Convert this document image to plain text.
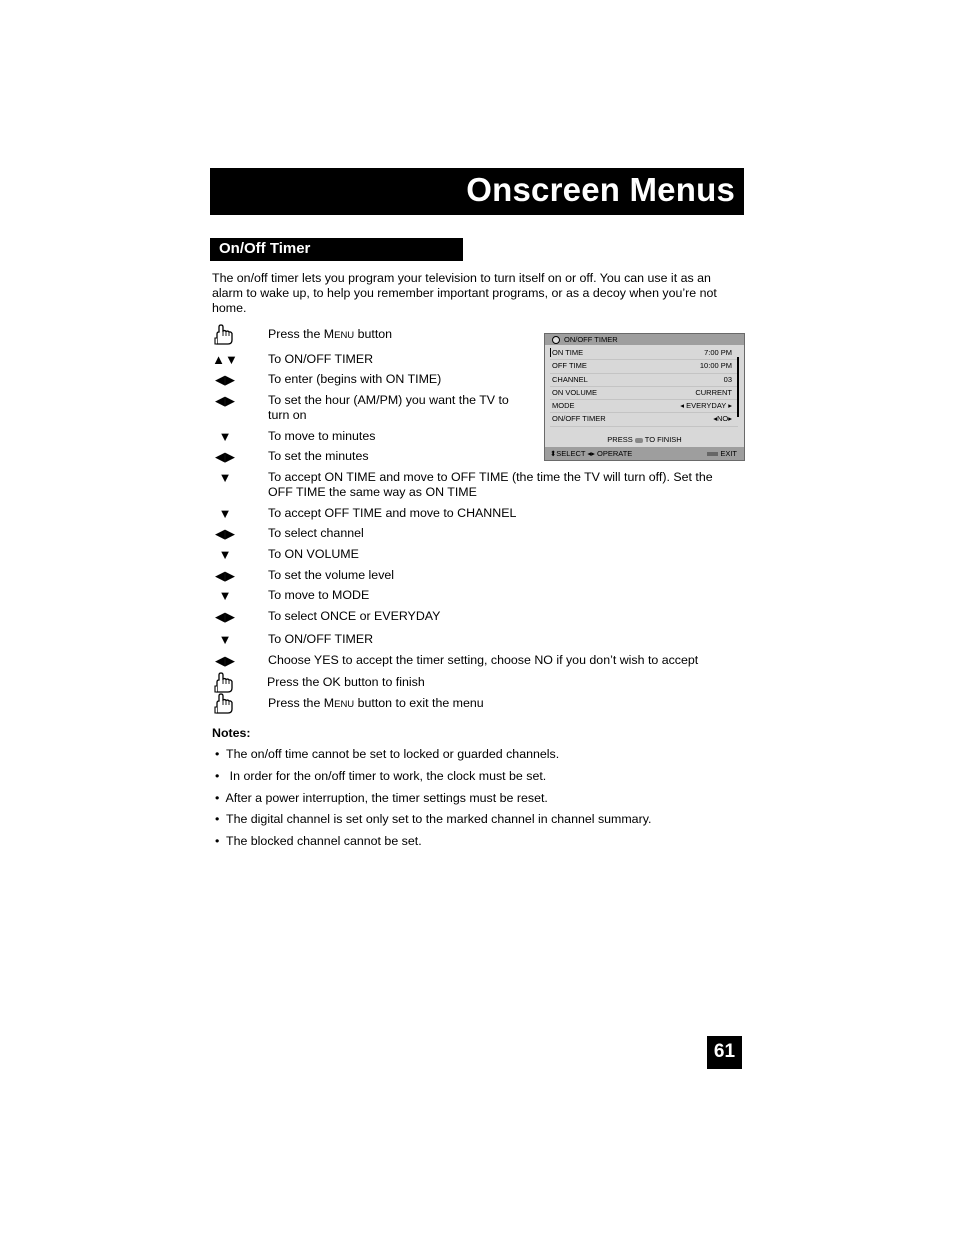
Onscreen Menus
On/Off Timer
The on/off timer lets you program your television to turn itself on or off. You can use it as an alarm to wake up, to help you remember important programs, or as a decoy when you’re not home.
ON/OFF TIMER
ON TIME	7:00 PM
OFF TIME	10:00 PM
CHANNEL	03
ON VOLUME	CURRENT
MODE	◂ EVERYDAY ▸
ON/OFF TIMER	◂NO▸
PRESS TO FINISH
⬍SELECT ◂▸ OPERATE	EXIT
Press the MENU button
▲▼ To ON/OFF TIMER
◀▶	To enter (begins with ON TIME)
◀▶	To set the hour (AM/PM) you want the TV to turn on
▼	To move to minutes
◀▶	To set the minutes
▼	To accept ON TIME and move to OFF TIME (the time the TV will turn off). Set the OFF TIME the same way as ON TIME
▼	To accept OFF TIME and move to CHANNEL
◀▶	To select channel
▼	To ON VOLUME
◀▶	To set the volume level
▼	To move to MODE
◀▶	To select ONCE or EVERYDAY
▼	To ON/OFF TIMER
◀▶	Choose YES to accept the timer setting, choose NO if you don’t wish to accept
Press the OK button to finish
Press the MENU button to exit the menu
Notes:
•  The on/off time cannot be set to locked or guarded channels.
•   In order for the on/off timer to work, the clock must be set.
•  After a power interruption, the timer settings must be reset.
•  The digital channel is set only set to the marked channel in channel summary.
•  The blocked channel cannot be set.
61
